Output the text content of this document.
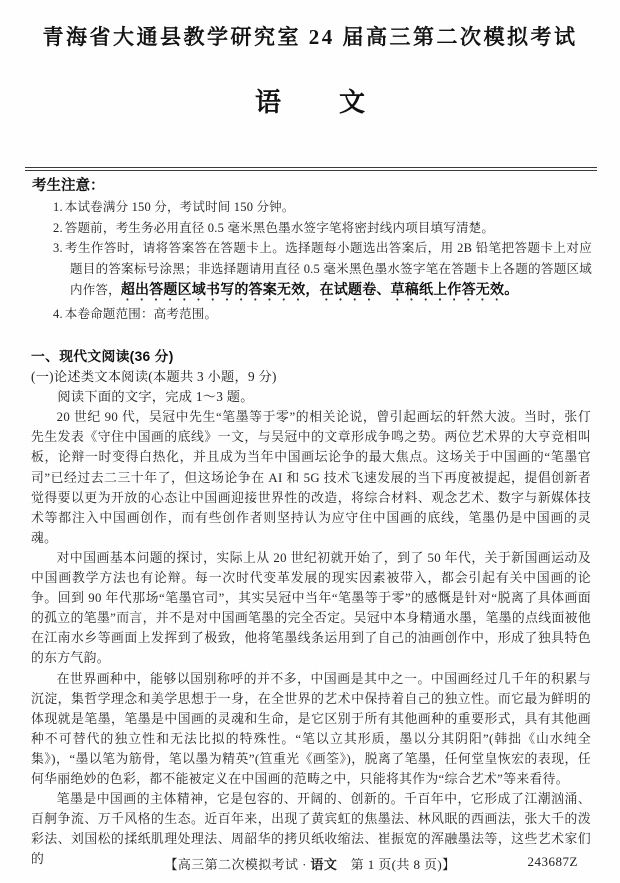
青海省大通县教学研究室 24 届高三第二次模拟考试
语文
考生注意：
1. 本试卷满分 150 分，考试时间 150 分钟。
2. 答题前，考生务必用直径 0.5 毫米黑色墨水签字笔将密封线内项目填写清楚。
3. 考生作答时，请将答案答在答题卡上。选择题每小题选出答案后，用 2B 铅笔把答题卡上对应题目的答案标号涂黑；非选择题请用直径 0.5 毫米黑色墨水签字笔在答题卡上各题的答题区域内作答，超出答题区域书写的答案无效，在试题卷、草稿纸上作答无效。
4. 本卷命题范围：高考范围。
一、现代文阅读(36 分)
(一)论述类文本阅读(本题共 3 小题，9 分)
阅读下面的文字，完成 1～3 题。

20 世纪 90 代，吴冠中先生“笔墨等于零”的相关论说，曾引起画坛的轩然大波。当时，张仃先生发表《守住中国画的底线》一文，与吴冠中的文章形成争鸣之势。两位艺术界的大亨竞相叫板，论辩一时变得白热化，并且成为当年中国画坛论争的最大焦点。这场关于中国画的“笔墨官司”已经过去二三十年了，但这场论争在 AI 和 5G 技术飞速发展的当下再度被提起，提倡创新者觉得要以更为开放的心态让中国画迎接世界性的改造，将综合材料、观念艺术、数字与新媒体技术等都注入中国画创作，而有些创作者则坚持认为应守住中国画的底线，笔墨仍是中国画的灵魂。

对中国画基本问题的探讨，实际上从 20 世纪初就开始了，到了 50 年代，关于新国画运动及中国画教学方法也有论辩。每一次时代变革发展的现实因素被带入，都会引起有关中国画的论争。回到 90 年代那场“笔墨官司”，其实吴冠中当年“笔墨等于零”的感慨是针对“脱离了具体画面的孤立的笔墨”而言，并不是对中国画笔墨的完全否定。吴冠中本身精通水墨，笔墨的点线面被他在江南水乡等画面上发挥到了极致，他将笔墨线条运用到了自己的油画创作中，形成了独具特色的东方气韵。

在世界画种中，能够以国别称呼的并不多，中国画是其中之一。中国画经过几千年的积累与沉淀，集哲学理念和美学思想于一身，在全世界的艺术中保持着自己的独立性。而它最为鲜明的体现就是笔墨，笔墨是中国画的灵魂和生命，是它区别于所有其他画种的重要形式，具有其他画种不可替代的独立性和无法比拟的特殊性。“笔以立其形质，墨以分其阴阳”(韩拙《山水纯全集》)，“墨以笔为筋骨，笔以墨为精英”(笪重光《画筌》)，脱离了笔墨，任何堂皇恢宏的表现，任何华丽绝妙的色彩，都不能被定义在中国画的范畴之中，只能将其作为“综合艺术”等来看待。

笔墨是中国画的主体精神，它是包容的、开阔的、创新的。千百年中，它形成了江潮汹涌、百舸争流、万千风格的生态。近百年来，出现了黄宾虹的焦墨法、林风眠的西画法，张大千的泼彩法、刘国松的揉纸肌理处理法、周韶华的拷贝纸收缩法、崔振宽的浑融墨法等，这些艺术家们的	【高三第二次模拟考试 · 语文　第 1 页(共 8 页)】	243687Z
